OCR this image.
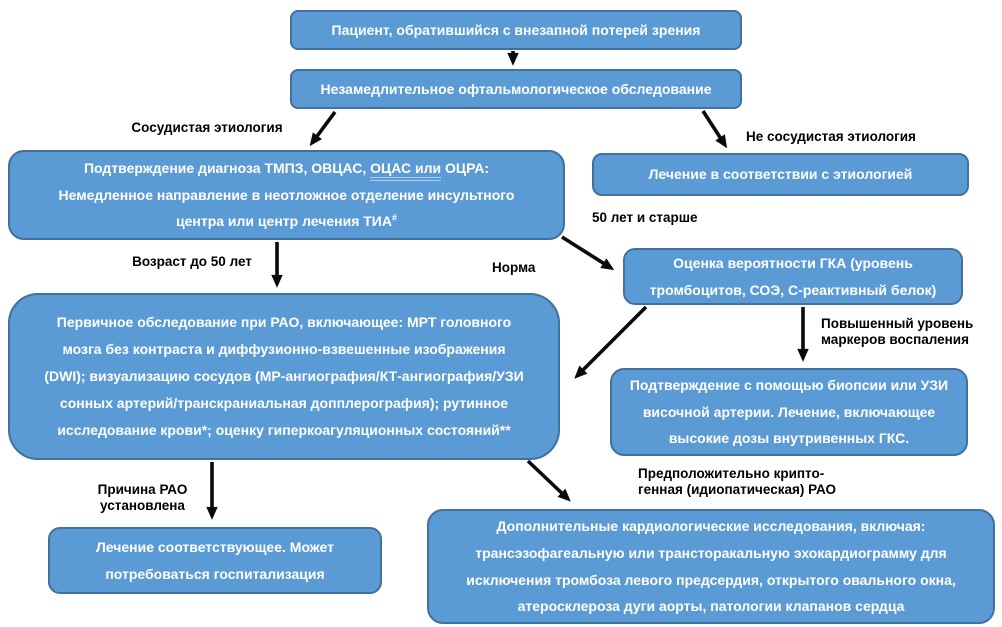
Пациент, обратившийся с внезапной потерей зрения
Незамедлительное офтальмологическое обследование
Подтверждение диагноза ТМПЗ, ОВЦАС, ОЦАС или ОЦРА:
Немедленное направление в неотложное отделение инсультного центра или центр лечения ТИА#
Лечение в соответствии с этиологией
Оценка вероятности ГКА (уровень тромбоцитов, СОЭ, С-реактивный белок)
Первичное обследование при РАО, включающее: МРТ головного мозга без контраста и диффузионно-взвешенные изображения (DWI); визуализацию сосудов (МР-ангиография/КТ-ангиография/УЗИ сонных артерий/транскраниальная допплерография); рутинное исследование крови*; оценку гиперкоагуляционных состояний**
Подтверждение с помощью биопсии или УЗИ височной артерии. Лечение, включающее высокие дозы внутривенных ГКС.
Лечение соответствующее. Может потребоваться госпитализация
Дополнительные кардиологические исследования, включая: трансэзофагеальную или трансторакальную эхокардиограмму для исключения тромбоза левого предсердия, открытого овального окна, атеросклероза дуги аорты, патологии клапанов сердца
Сосудистая этиология
Не сосудистая этиология
50 лет и старше
Возраст до 50 лет	Норма
Повышенный уровень
маркеров воспаления
Причина РАО
установлена
Предположительно крипто-
генная (идиопатическая) РАО
